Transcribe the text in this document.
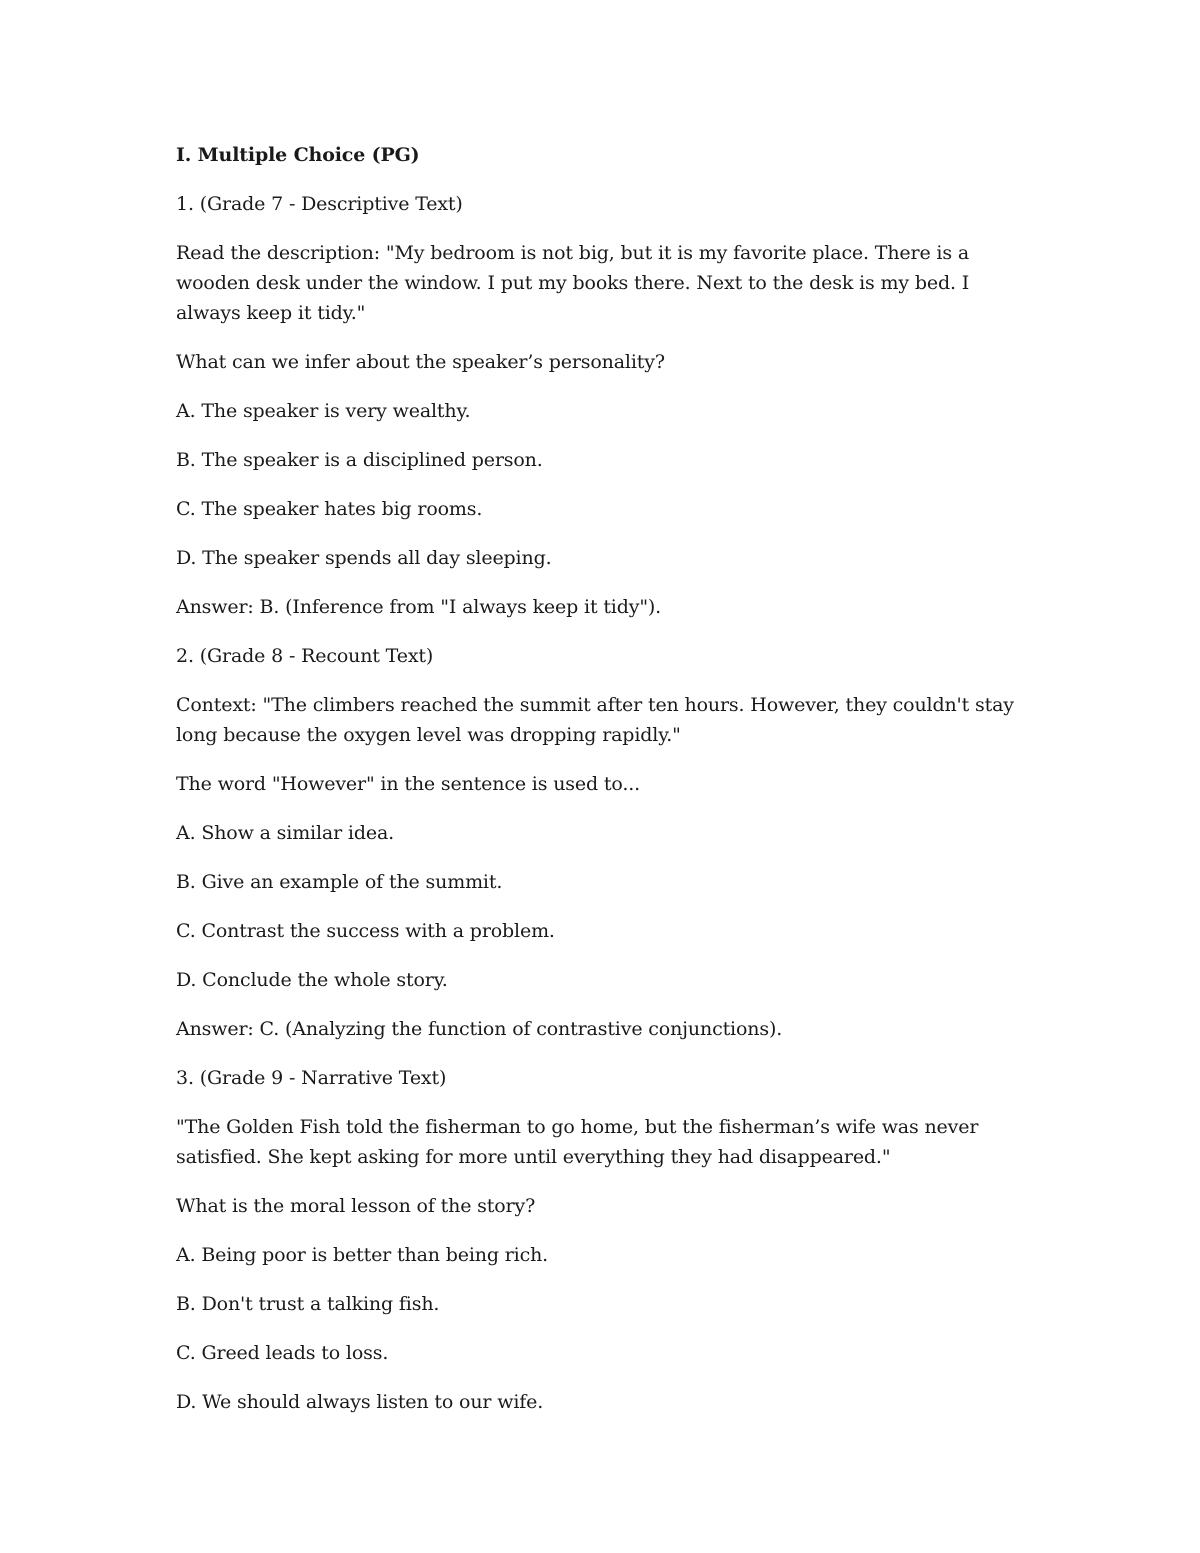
I. Multiple Choice (PG)

1. (Grade 7 - Descriptive Text)

Read the description: "My bedroom is not big, but it is my favorite place. There is a wooden desk under the window. I put my books there. Next to the desk is my bed. I always keep it tidy."

What can we infer about the speaker’s personality?

A. The speaker is very wealthy.
B. The speaker is a disciplined person.
C. The speaker hates big rooms.
D. The speaker spends all day sleeping.

Answer: B. (Inference from "I always keep it tidy").

2. (Grade 8 - Recount Text)

Context: "The climbers reached the summit after ten hours. However, they couldn't stay long because the oxygen level was dropping rapidly."

The word "However" in the sentence is used to...

A. Show a similar idea.
B. Give an example of the summit.
C. Contrast the success with a problem.
D. Conclude the whole story.

Answer: C. (Analyzing the function of contrastive conjunctions).

3. (Grade 9 - Narrative Text)

"The Golden Fish told the fisherman to go home, but the fisherman’s wife was never satisfied. She kept asking for more until everything they had disappeared."

What is the moral lesson of the story?

A. Being poor is better than being rich.
B. Don't trust a talking fish.
C. Greed leads to loss.
D. We should always listen to our wife.
